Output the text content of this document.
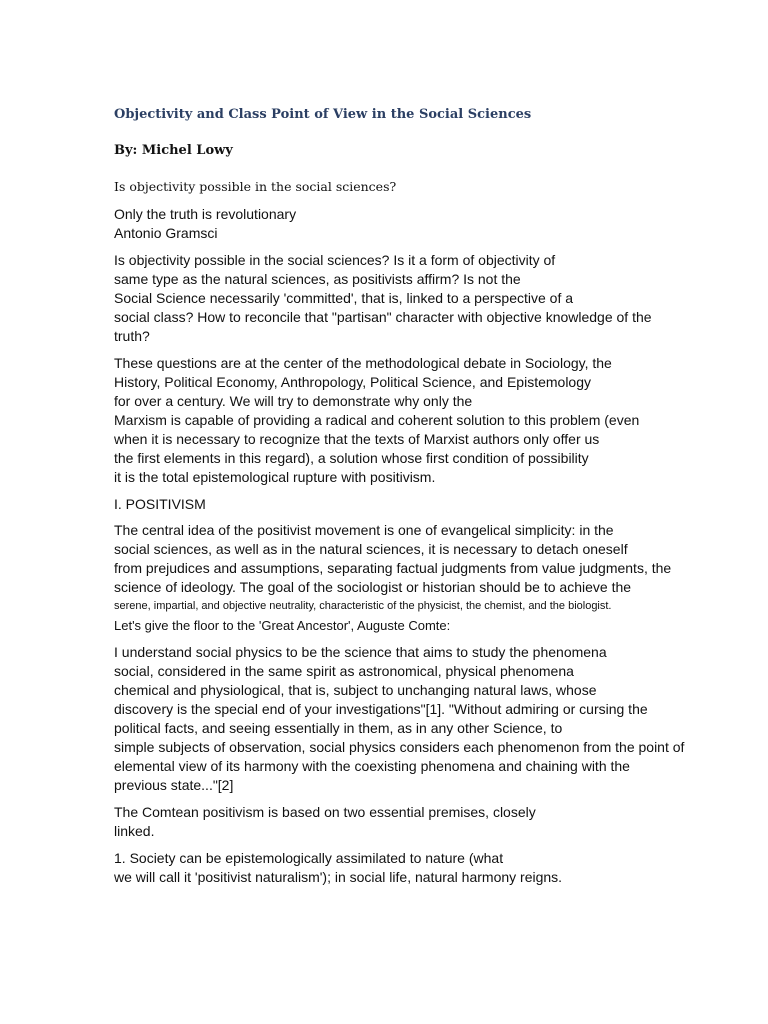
Objectivity and Class Point of View in the Social Sciences
By: Michel Lowy
Is objectivity possible in the social sciences?
Only the truth is revolutionary
Antonio Gramsci
Is objectivity possible in the social sciences? Is it a form of objectivity of
same type as the natural sciences, as positivists affirm? Is not the
Social Science necessarily 'committed', that is, linked to a perspective of a
social class? How to reconcile that "partisan" character with objective knowledge of the
truth?
These questions are at the center of the methodological debate in Sociology, the
History, Political Economy, Anthropology, Political Science, and Epistemology
for over a century. We will try to demonstrate why only the
Marxism is capable of providing a radical and coherent solution to this problem (even
when it is necessary to recognize that the texts of Marxist authors only offer us
the first elements in this regard), a solution whose first condition of possibility
it is the total epistemological rupture with positivism.
I. POSITIVISM
The central idea of the positivist movement is one of evangelical simplicity: in the
social sciences, as well as in the natural sciences, it is necessary to detach oneself
from prejudices and assumptions, separating factual judgments from value judgments, the
science of ideology. The goal of the sociologist or historian should be to achieve the
serene, impartial, and objective neutrality, characteristic of the physicist, the chemist, and the biologist.
Let's give the floor to the 'Great Ancestor', Auguste Comte:
I understand social physics to be the science that aims to study the phenomena
social, considered in the same spirit as astronomical, physical phenomena
chemical and physiological, that is, subject to unchanging natural laws, whose
discovery is the special end of your investigations"[1]. "Without admiring or cursing the
political facts, and seeing essentially in them, as in any other Science, to
simple subjects of observation, social physics considers each phenomenon from the point of
elemental view of its harmony with the coexisting phenomena and chaining with the
previous state..."[2]
The Comtean positivism is based on two essential premises, closely
linked.
1. Society can be epistemologically assimilated to nature (what
we will call it 'positivist naturalism'); in social life, natural harmony reigns.
